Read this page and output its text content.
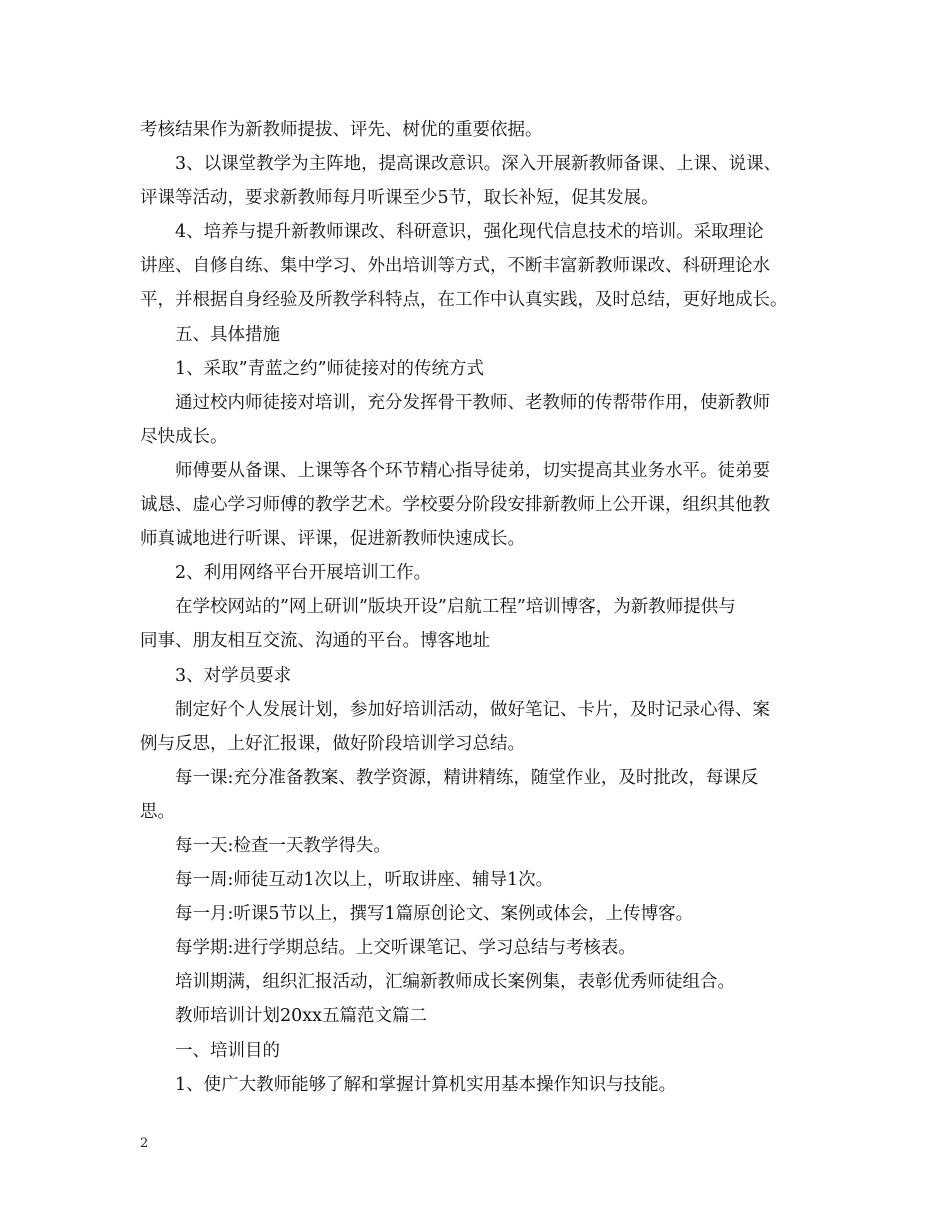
考核结果作为新教师提拔、评先、树优的重要依据。
3、以课堂教学为主阵地，提高课改意识。深入开展新教师备课、上课、说课、
评课等活动，要求新教师每月听课至少5节，取长补短，促其发展。
4、培养与提升新教师课改、科研意识，强化现代信息技术的培训。采取理论
讲座、自修自练、集中学习、外出培训等方式，不断丰富新教师课改、科研理论水
平，并根据自身经验及所教学科特点，在工作中认真实践，及时总结，更好地成长。
五、具体措施
1、采取”青蓝之约”师徒接对的传统方式
通过校内师徒接对培训，充分发挥骨干教师、老教师的传帮带作用，使新教师
尽快成长。
师傅要从备课、上课等各个环节精心指导徒弟，切实提高其业务水平。徒弟要
诚恳、虚心学习师傅的教学艺术。学校要分阶段安排新教师上公开课，组织其他教
师真诚地进行听课、评课，促进新教师快速成长。
2、利用网络平台开展培训工作。
在学校网站的”网上研训”版块开设”启航工程”培训博客，为新教师提供与
同事、朋友相互交流、沟通的平台。博客地址
3、对学员要求
制定好个人发展计划，参加好培训活动，做好笔记、卡片，及时记录心得、案
例与反思，上好汇报课，做好阶段培训学习总结。
每一课:充分准备教案、教学资源，精讲精练，随堂作业，及时批改，每课反
思。
每一天:检查一天教学得失。
每一周:师徒互动1次以上，听取讲座、辅导1次。
每一月:听课5节以上，撰写1篇原创论文、案例或体会，上传博客。
每学期:进行学期总结。上交听课笔记、学习总结与考核表。
培训期满，组织汇报活动，汇编新教师成长案例集，表彰优秀师徒组合。
教师培训计划20xx五篇范文篇二
一、培训目的
1、使广大教师能够了解和掌握计算机实用基本操作知识与技能。
2
